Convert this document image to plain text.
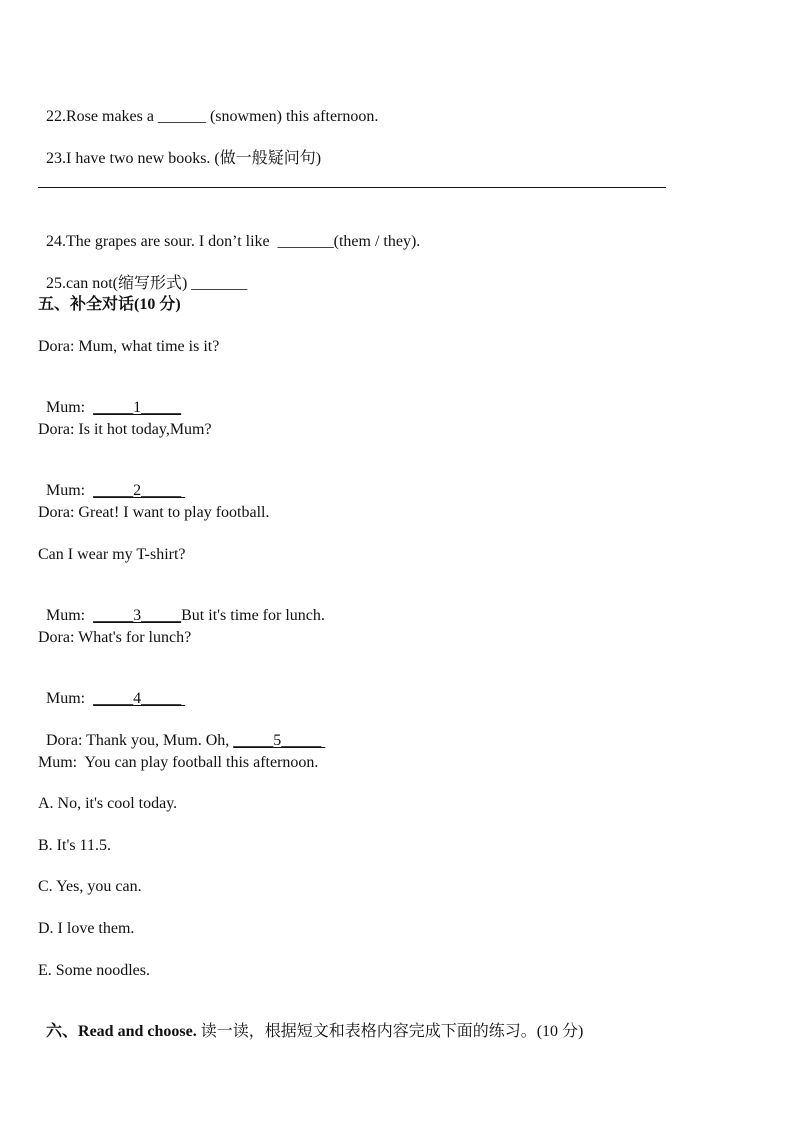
22.Rose makes a ______ (snowmen) this afternoon.

23.I have two new books. (做一般疑问句)

24.The grapes are sour. I don’t like  _______(them / they).

25.can not(缩写形式) _______

五、补全对话(10 分)
Dora: Mum, what time is it?

Mum:  _____1_____

Dora: Is it hot today,Mum?

Mum:  _____2_____

Dora: Great! I want to play football.
Can I wear my T-shirt?

Mum:  _____3_____But it's time for lunch.

Dora: What's for lunch?

Mum:  _____4_____

Dora: Thank you, Mum. Oh, _____5_____

Mum:  You can play football this afternoon.
A. No, it's cool today.
B. It's 11.5.
C. Yes, you can.
D. I love them.
E. Some noodles.

六、Read and choose. 读一读，根据短文和表格内容完成下面的练习。(10 分)
